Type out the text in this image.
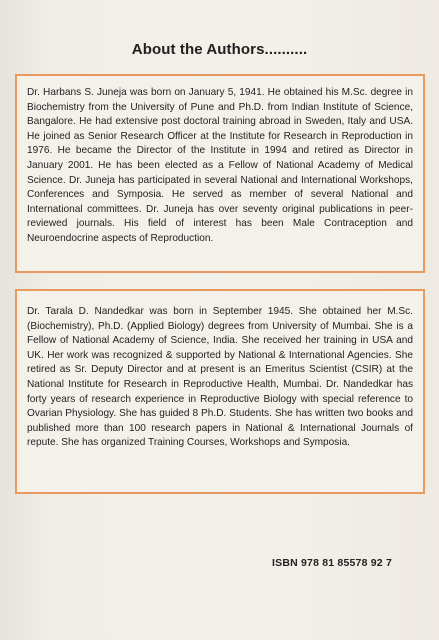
About the Authors..........

Dr. Harbans S. Juneja was born on January 5, 1941. He obtained his M.Sc. degree in Biochemistry from the University of Pune and Ph.D. from Indian Institute of Science, Bangalore. He had extensive post doctoral training abroad in Sweden, Italy and USA. He joined as Senior Research Officer at the Institute for Research in Reproduction in 1976. He became the Director of the Institute in 1994 and retired as Director in January 2001. He has been elected as a Fellow of National Academy of Medical Science. Dr. Juneja has participated in several National and International Workshops, Conferences and Symposia. He served as member of several National and International committees. Dr. Juneja has over seventy original publications in peer-reviewed journals. His field of interest has been Male Contraception and Neuroendocrine aspects of Reproduction.

Dr. Tarala D. Nandedkar was born in September 1945. She obtained her M.Sc. (Biochemistry), Ph.D. (Applied Biology) degrees from University of Mumbai. She is a Fellow of National Academy of Science, India. She received her training in USA and UK. Her work was recognized & supported by National & International Agencies. She retired as Sr. Deputy Director and at present is an Emeritus Scientist (CSIR) at the National Institute for Research in Reproductive Health, Mumbai. Dr. Nandedkar has forty years of research experience in Reproductive Biology with special reference to Ovarian Physiology. She has guided 8 Ph.D. Students. She has written two books and published more than 100 research papers in National & International Journals of repute. She has organized Training Courses, Workshops and Symposia.

ISBN 978 81 85578 92 7
